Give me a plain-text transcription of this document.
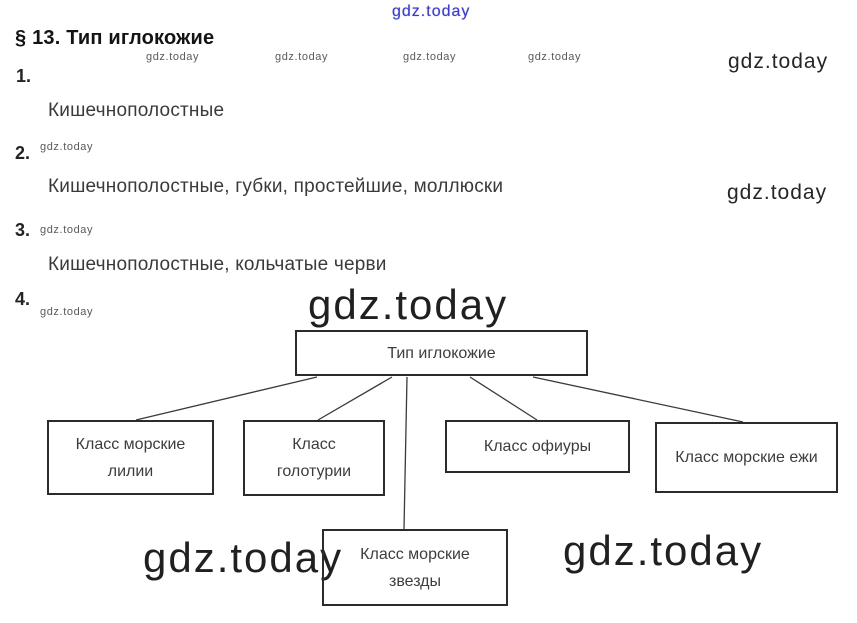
gdz.today
gdz.today	gdz.today	gdz.today	gdz.today	gdz.today
gdz.today
gdz.today
gdz.today
gdz.today	gdz.today
gdz.today	gdz.today
§ 13. Тип иглокожие
1.
Кишечнополостные
2.
Кишечнополостные, губки, простейшие, моллюски
3.
Кишечнополостные, кольчатые черви
4.
Тип иглокожие
Класс морские лилии
Класс голотурии
Класс офиуры
Класс морские ежи
Класс морские звезды
